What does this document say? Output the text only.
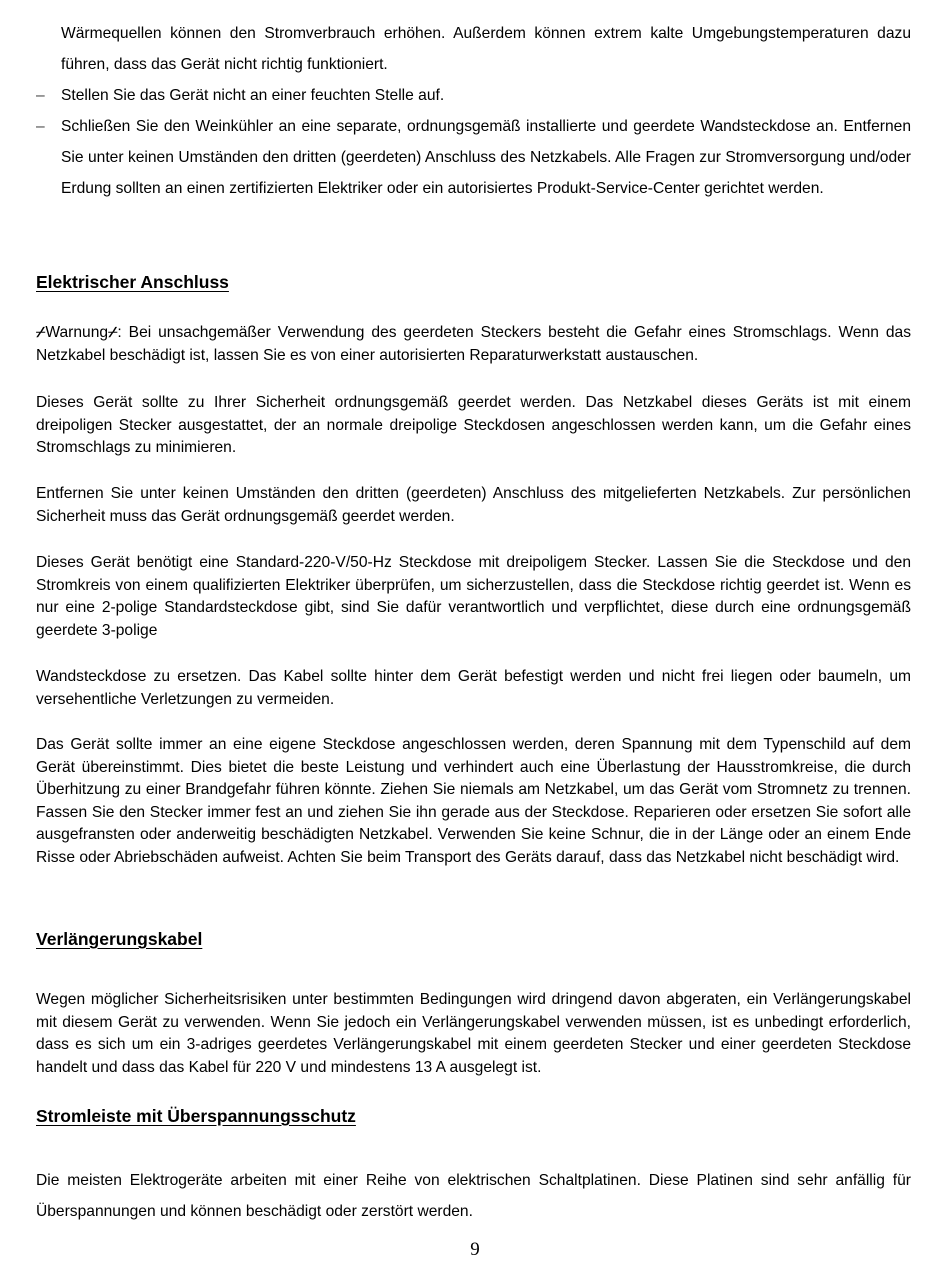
Wärmequellen können den Stromverbrauch erhöhen. Außerdem können extrem kalte Umgebungstemperaturen dazu führen, dass das Gerät nicht richtig funktioniert.
–	Stellen Sie das Gerät nicht an einer feuchten Stelle auf.
–	Schließen Sie den Weinkühler an eine separate, ordnungsgemäß installierte und geerdete Wandsteckdose an. Entfernen Sie unter keinen Umständen den dritten (geerdeten) Anschluss des Netzkabels. Alle Fragen zur Stromversorgung und/oder Erdung sollten an einen zertifizierten Elektriker oder ein autorisiertes Produkt-Service-Center gerichtet werden.
Elektrischer Anschluss
⌿Warnung⌿: Bei unsachgemäßer Verwendung des geerdeten Steckers besteht die Gefahr eines Stromschlags. Wenn das Netzkabel beschädigt ist, lassen Sie es von einer autorisierten Reparaturwerkstatt austauschen.
Dieses Gerät sollte zu Ihrer Sicherheit ordnungsgemäß geerdet werden. Das Netzkabel dieses Geräts ist mit einem dreipoligen Stecker ausgestattet, der an normale dreipolige Steckdosen angeschlossen werden kann, um die Gefahr eines Stromschlags zu minimieren.
Entfernen Sie unter keinen Umständen den dritten (geerdeten) Anschluss des mitgelieferten Netzkabels. Zur persönlichen Sicherheit muss das Gerät ordnungsgemäß geerdet werden.
Dieses Gerät benötigt eine Standard-220-V/50-Hz Steckdose mit dreipoligem Stecker. Lassen Sie die Steckdose und den Stromkreis von einem qualifizierten Elektriker überprüfen, um sicherzustellen, dass die Steckdose richtig geerdet ist. Wenn es nur eine 2-polige Standardsteckdose gibt, sind Sie dafür verantwortlich und verpflichtet, diese durch eine ordnungsgemäß geerdete 3-polige
Wandsteckdose zu ersetzen. Das Kabel sollte hinter dem Gerät befestigt werden und nicht frei liegen oder baumeln, um versehentliche Verletzungen zu vermeiden.
Das Gerät sollte immer an eine eigene Steckdose angeschlossen werden, deren Spannung mit dem Typenschild auf dem Gerät übereinstimmt. Dies bietet die beste Leistung und verhindert auch eine Überlastung der Hausstromkreise, die durch Überhitzung zu einer Brandgefahr führen könnte. Ziehen Sie niemals am Netzkabel, um das Gerät vom Stromnetz zu trennen. Fassen Sie den Stecker immer fest an und ziehen Sie ihn gerade aus der Steckdose. Reparieren oder ersetzen Sie sofort alle ausgefransten oder anderweitig beschädigten Netzkabel. Verwenden Sie keine Schnur, die in der Länge oder an einem Ende Risse oder Abriebschäden aufweist. Achten Sie beim Transport des Geräts darauf, dass das Netzkabel nicht beschädigt wird.
Verlängerungskabel
Wegen möglicher Sicherheitsrisiken unter bestimmten Bedingungen wird dringend davon abgeraten, ein Verlängerungskabel mit diesem Gerät zu verwenden. Wenn Sie jedoch ein Verlängerungskabel verwenden müssen, ist es unbedingt erforderlich, dass es sich um ein 3-adriges geerdetes Verlängerungskabel mit einem geerdeten Stecker und einer geerdeten Steckdose handelt und dass das Kabel für 220 V und mindestens 13 A ausgelegt ist.
Stromleiste mit Überspannungsschutz
Die meisten Elektrogeräte arbeiten mit einer Reihe von elektrischen Schaltplatinen. Diese Platinen sind sehr anfällig für Überspannungen und können beschädigt oder zerstört werden.
9
